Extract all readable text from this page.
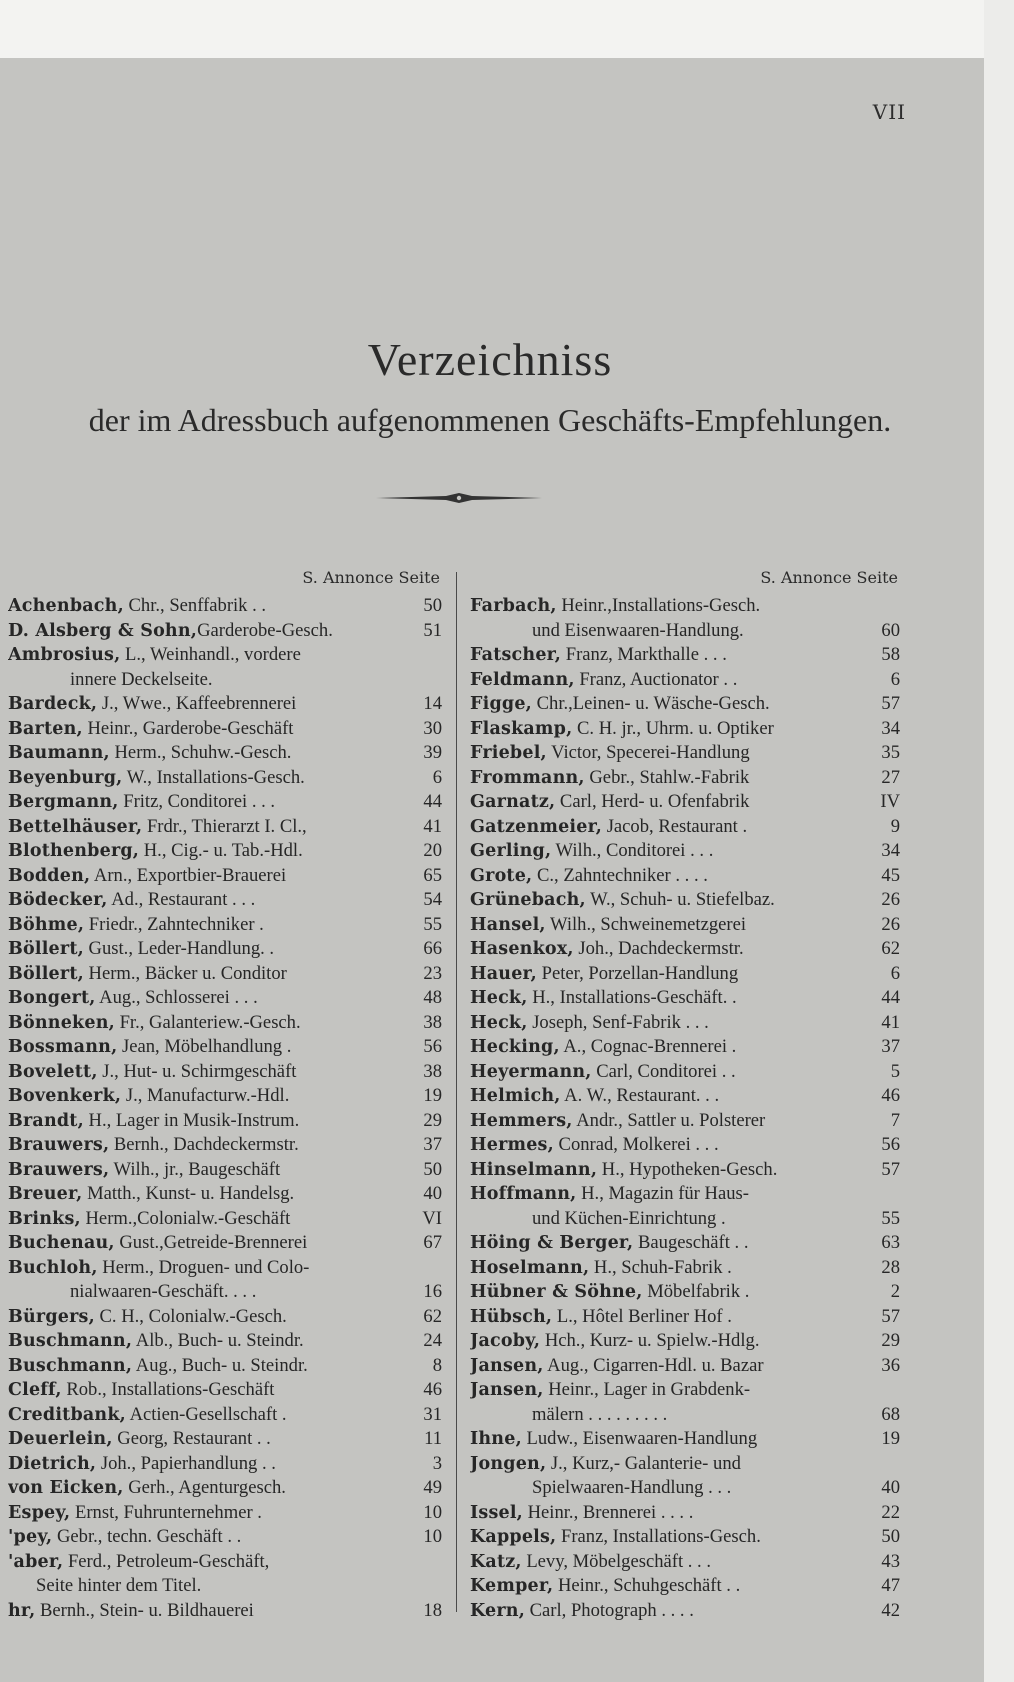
VII
Verzeichniss
der im Adressbuch aufgenommenen Geschäfts-Empfehlungen.
S. Annonce Seite
Achenbach, Chr., Senffabrik . .	50
D. Alsberg & Sohn,Garderobe-Gesch.	51
Ambrosius, L., Weinhandl., vordere
innere Deckelseite.
Bardeck, J., Wwe., Kaffeebrennerei	14
Barten, Heinr., Garderobe-Geschäft	30
Baumann, Herm., Schuhw.-Gesch.	39
Beyenburg, W., Installations-Gesch.	6
Bergmann, Fritz, Conditorei . . .	44
Bettelhäuser, Frdr., Thierarzt I. Cl.,	41
Blothenberg, H., Cig.- u. Tab.-Hdl.	20
Bodden, Arn., Exportbier-Brauerei	65
Bödecker, Ad., Restaurant . . .	54
Böhme, Friedr., Zahntechniker .	55
Böllert, Gust., Leder-Handlung. .	66
Böllert, Herm., Bäcker u. Conditor	23
Bongert, Aug., Schlosserei . . .	48
Bönneken, Fr., Galanteriew.-Gesch.	38
Bossmann, Jean, Möbelhandlung .	56
Bovelett, J., Hut- u. Schirmgeschäft	38
Bovenkerk, J., Manufacturw.-Hdl.	19
Brandt, H., Lager in Musik-Instrum.	29
Brauwers, Bernh., Dachdeckermstr.	37
Brauwers, Wilh., jr., Baugeschäft	50
Breuer, Matth., Kunst- u. Handelsg.	40
Brinks, Herm.,Colonialw.-Geschäft	VI
Buchenau, Gust.,Getreide-Brennerei	67
Buchloh, Herm., Droguen- und Colo-
nialwaaren-Geschäft. . . .	16
Bürgers, C. H., Colonialw.-Gesch.	62
Buschmann, Alb., Buch- u. Steindr.	24
Buschmann, Aug., Buch- u. Steindr.	8
Cleff, Rob., Installations-Geschäft	46
Creditbank, Actien-Gesellschaft .	31
Deuerlein, Georg, Restaurant . .	11
Dietrich, Joh., Papierhandlung . .	3
von Eicken, Gerh., Agenturgesch.	49
Espey, Ernst, Fuhrunternehmer .	10
'pey, Gebr., techn. Geschäft . .	10
'aber, Ferd., Petroleum-Geschäft,
Seite hinter dem Titel.
hr, Bernh., Stein- u. Bildhauerei	18
S. Annonce Seite
Farbach, Heinr.,Installations-Gesch.
und Eisenwaaren-Handlung.	60
Fatscher, Franz, Markthalle . . .	58
Feldmann, Franz, Auctionator . .	6
Figge, Chr.,Leinen- u. Wäsche-Gesch.	57
Flaskamp, C. H. jr., Uhrm. u. Optiker	34
Friebel, Victor, Specerei-Handlung	35
Frommann, Gebr., Stahlw.-Fabrik	27
Garnatz, Carl, Herd- u. Ofenfabrik	IV
Gatzenmeier, Jacob, Restaurant .	9
Gerling, Wilh., Conditorei . . .	34
Grote, C., Zahntechniker . . . .	45
Grünebach, W., Schuh- u. Stiefelbaz.	26
Hansel, Wilh., Schweinemetzgerei	26
Hasenkox, Joh., Dachdeckermstr.	62
Hauer, Peter, Porzellan-Handlung	6
Heck, H., Installations-Geschäft. .	44
Heck, Joseph, Senf-Fabrik . . .	41
Hecking, A., Cognac-Brennerei .	37
Heyermann, Carl, Conditorei . .	5
Helmich, A. W., Restaurant. . .	46
Hemmers, Andr., Sattler u. Polsterer	7
Hermes, Conrad, Molkerei . . .	56
Hinselmann, H., Hypotheken-Gesch.	57
Hoffmann, H., Magazin für Haus-
und Küchen-Einrichtung .	55
Höing & Berger, Baugeschäft . .	63
Hoselmann, H., Schuh-Fabrik .	28
Hübner & Söhne, Möbelfabrik .	2
Hübsch, L., Hôtel Berliner Hof .	57
Jacoby, Hch., Kurz- u. Spielw.-Hdlg.	29
Jansen, Aug., Cigarren-Hdl. u. Bazar	36
Jansen, Heinr., Lager in Grabdenk-
mälern . . . . . . . . .	68
Ihne, Ludw., Eisenwaaren-Handlung	19
Jongen, J., Kurz,- Galanterie- und
Spielwaaren-Handlung . . .	40
Issel, Heinr., Brennerei . . . .	22
Kappels, Franz, Installations-Gesch.	50
Katz, Levy, Möbelgeschäft . . .	43
Kemper, Heinr., Schuhgeschäft . .	47
Kern, Carl, Photograph . . . .	42
